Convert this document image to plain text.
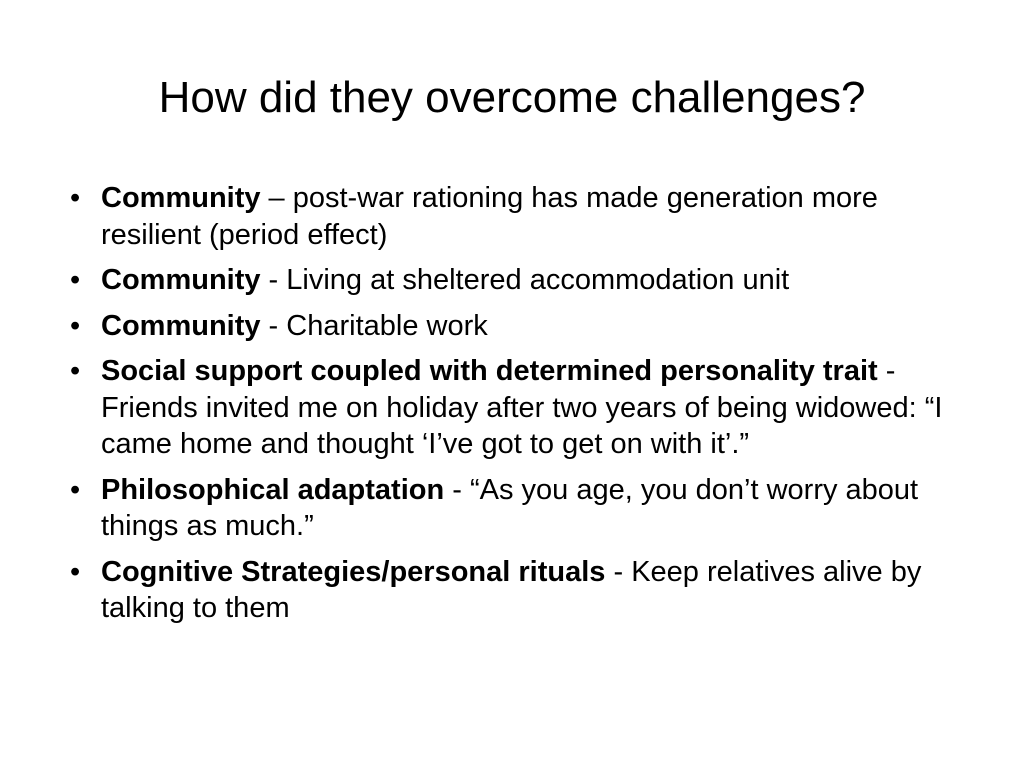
How did they overcome challenges?
• Community – post-war rationing has made generation more resilient (period effect)
• Community - Living at sheltered accommodation unit
• Community - Charitable work
• Social support coupled with determined personality trait - Friends invited me on holiday after two years of being widowed: “I came home and thought ‘I’ve got to get on with it’.”
• Philosophical adaptation - “As you age, you don’t worry about things as much.”
• Cognitive Strategies/personal rituals - Keep relatives alive by talking to them
